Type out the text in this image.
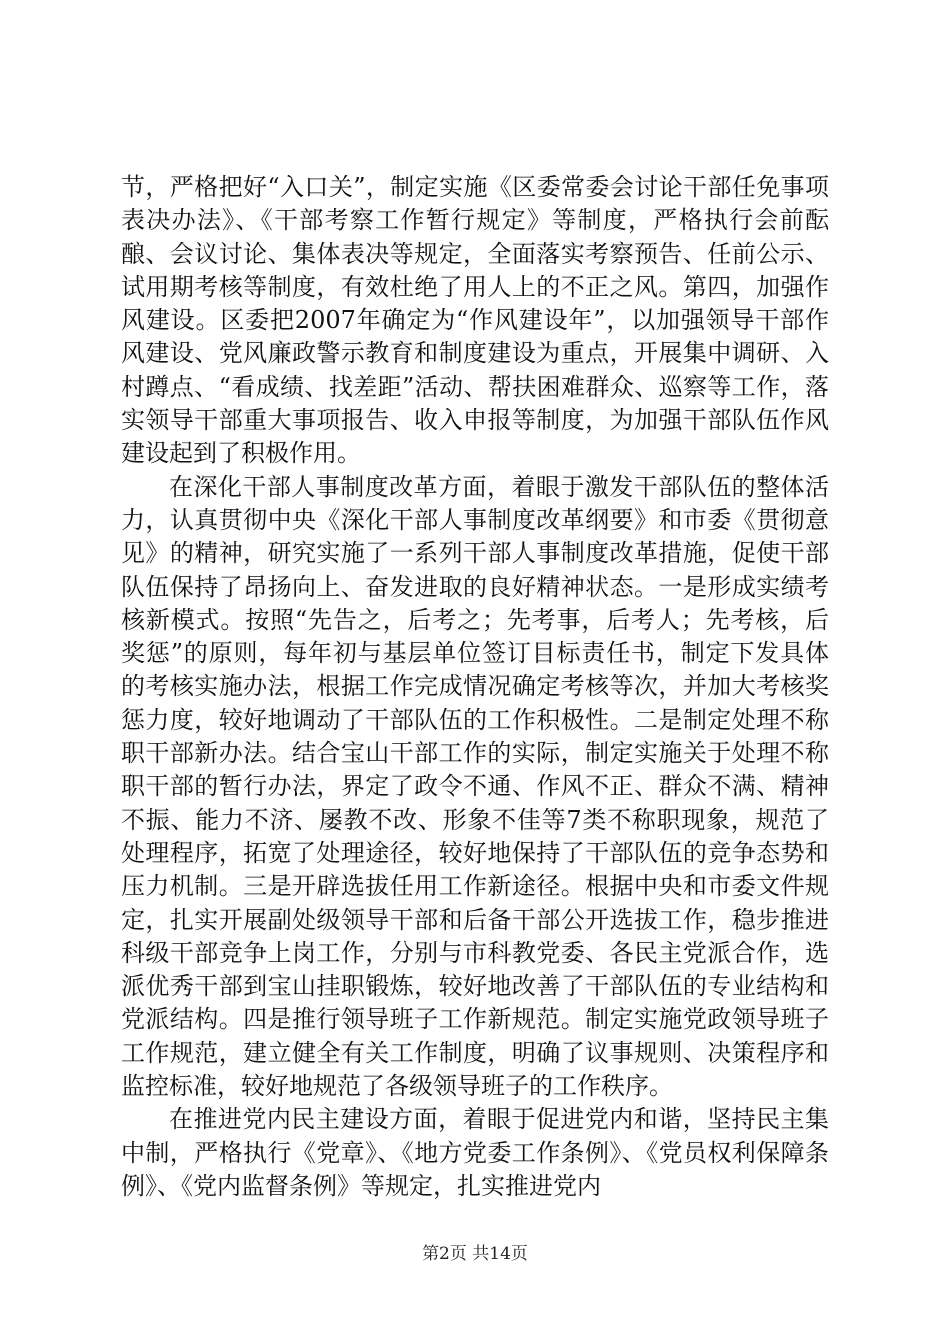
节，严格把好“入口关”，制定实施《区委常委会讨论干部任免事项表决办法》、《干部考察工作暂行规定》等制度，严格执行会前酝酿、会议讨论、集体表决等规定，全面落实考察预告、任前公示、试用期考核等制度，有效杜绝了用人上的不正之风。第四，加强作风建设。区委把2007年确定为“作风建设年”，以加强领导干部作风建设、党风廉政警示教育和制度建设为重点，开展集中调研、入村蹲点、“看成绩、找差距”活动、帮扶困难群众、巡察等工作，落实领导干部重大事项报告、收入申报等制度，为加强干部队伍作风建设起到了积极作用。

在深化干部人事制度改革方面，着眼于激发干部队伍的整体活力，认真贯彻中央《深化干部人事制度改革纲要》和市委《贯彻意见》的精神，研究实施了一系列干部人事制度改革措施，促使干部队伍保持了昂扬向上、奋发进取的良好精神状态。一是形成实绩考核新模式。按照“先告之，后考之；先考事，后考人；先考核，后奖惩”的原则，每年初与基层单位签订目标责任书，制定下发具体的考核实施办法，根据工作完成情况确定考核等次，并加大考核奖惩力度，较好地调动了干部队伍的工作积极性。二是制定处理不称职干部新办法。结合宝山干部工作的实际，制定实施关于处理不称职干部的暂行办法，界定了政令不通、作风不正、群众不满、精神不振、能力不济、屡教不改、形象不佳等7类不称职现象，规范了处理程序，拓宽了处理途径，较好地保持了干部队伍的竞争态势和压力机制。三是开辟选拔任用工作新途径。根据中央和市委文件规定，扎实开展副处级领导干部和后备干部公开选拔工作，稳步推进科级干部竞争上岗工作，分别与市科教党委、各民主党派合作，选派优秀干部到宝山挂职锻炼，较好地改善了干部队伍的专业结构和党派结构。四是推行领导班子工作新规范。制定实施党政领导班子工作规范，建立健全有关工作制度，明确了议事规则、决策程序和监控标准，较好地规范了各级领导班子的工作秩序。

在推进党内民主建设方面，着眼于促进党内和谐，坚持民主集中制，严格执行《党章》、《地方党委工作条例》、《党员权利保障条例》、《党内监督条例》等规定，扎实推进党内

第2页 共14页
